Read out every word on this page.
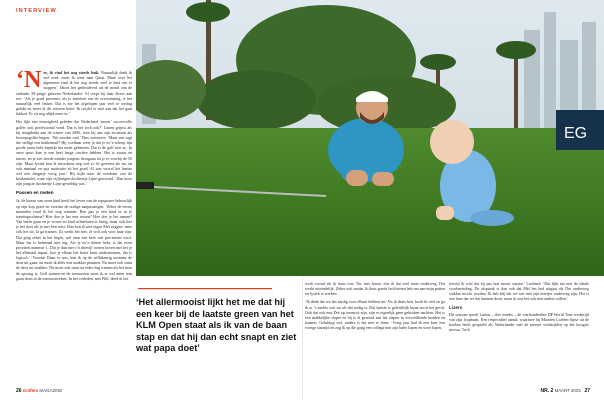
INTERVIEW
EG

‘Nee, ik vind het nog steeds leuk. Natuurlijk denk ik wel eens: moet ik weer naar Qatar. Maar over het algemeen vind ik het nog steeds veel te leuk om te stoppen’. Idioot het gedecideerd uit de mond van de ondanks 59-jarige geboren Nederlander. Al roept hij daar direct aan toe: ‘Als je goed presteert, als je meedoet om de overwinning, is het natuurlijk veel leuker. Dat is me het afgelopen jaar veel te weinig gelukt en moet ik dit seizoen beter. Ik twijfel er niet aan dat het gaat lukken. Er zit nog altijd meer in.’

Het lijkt een eeuwigheid geleden dat Nederland ‘moest’ succesvolle golfer ooit professional werd. Dat is het toch ook?’ Luiten grijnst als hij terugdenkt aan de winter van 2006, toen hij aan zijn avontuur als beroepsgolfer begon. ‘We worden oud.’ Dan, serieuzer: ‘Maar wat sagt die stelligt een hobbemail? Hij voelbaar weer je dat je zo’n scherp lijn goede jaren hebt beperkt het moet gebeuren. Dat is de golf niet zo. In onze sport kun je een heel lange carrière hebben. Het is zwaar en intens, en je ziet steeds minder jongens doorgaan tot je er voorbij de 50 zijn. Maar fysiek ben ik misschien nog wel zo fit geweest als nu, en ook mentaal en qua motivatie zit het goed. Al was vooral het laatste wel een dingetje vorig jaar.’ Hij kijkt naar de overkant van de keukentafel, waar zijn vijfjarigen dochtertje Lijne gewoond. ‘Dan koos zijn jongste dochtertje Lijne geweldig was.’

Passen en meten

Ja, de komst van zoon kind heeft het leven van de topsporter behoorlijk op zijn kop gezet en vereiste de nodige aanpassingen. ‘Zeker de eerste maanden vond ik het nog wennen. Hoe pas je een kind in in je trainingsschema? Hoe doe je het met reizen? Hoe doe je het samen? Van beide gaan en je vrouw en kind achterlaten is lastig, maar ook hoe je het doet als je met hen reist. Dan kon ik niet tegen Mel zeggen: neus ook het uit. Ja ga trainen. Zo werkt het niet. Je wilt ook voor haar zijn. Dat ging zeker in het begin, wel eens een keer wat pas-meten vorrt. Maar dat is helemaal niet erg. Als je zo’n kleine hebt, is dat even prioriteit nummer 1. Dat je dan mer t’n drievijf roeten boven met het je het allemaal inpast, hoe je elkaar het beste kunt ondersteunen, dat is logisch.’ ‘Voordat Daan er was, kon ik op de willekeurig moment de deur uit gaan, nu moet ik alles wat strakker plannen. Nu moet ook stunt de deur uit strakker. Nu moet ook stunt na ieder dag trainen als het hem de opvang is. Golf trainen en de toernooien moet ik er wel meer tein gaan doen in de toernooiweken. In het verleden, met Phil, deed ik het

‘Het allermooist lijkt het me dat hij een keer bij de laatste green van het KLM Open staat als ik van de baan stap en dat hij dan echt snapt en ziet wat papa doet’

werk vooral als ik thuis was. Nu, met Jassie, doe ik dat veel meer onderweg. Dat werkt uiteindelijk. Zeker ook omdat ik thuis goede faciliteiten heb om aan mijn putten en fysiek te werken.

‘Ik denk dat we het aardig voor elkaar hebben nu. Als ik thuis ben, kook ik veel en ga ik er ’s nachts ook uit als dat nodig is. Dat laatste is geleidelijk bijna nooit het geval. Ook dat ook met Dré op toernooi zijn, zijn er eigenlijk geen gebroken nachten. Het is een makkelijke slaper en hij is al gewend aan het slapen in verschillende bedden en kamers. Gelukkig wel, anders is het niet te doen. ‘Vorig jaar had ik een keer een vroege starttijd en zag ik op die gang een collega met zijn baby lopen en weer lopen,

terwijl ik wist dat hij pas laat moest starten.’ Lachend: ‘Dat lijkt me niet de ideale voorbereiding. De afspraak is dan ook dat Mel het bed uitgaat als Dre onderweg wakker mocht worden. Ik heb blij dat we wat met zijn drietjes onderweg zijn. Het is een luxe dat we dat kunnen doen, maar ik zou het ook niet anders willen.’

Lizers

Dit seizoen speelt Luiten – drie rondes – de vierhonderdste DP World Tour-wedstrijd van zijn loopbaan. Een respectabel aantal, waarmee hij Maarten Lafeber bijna uit de boeken heeft gespeeld als Nederlander met de meeste wedstrijden op het hoogste niveau. Toch

26 Golfers MAGAZINE	NR. 2 MAART 2025 27
